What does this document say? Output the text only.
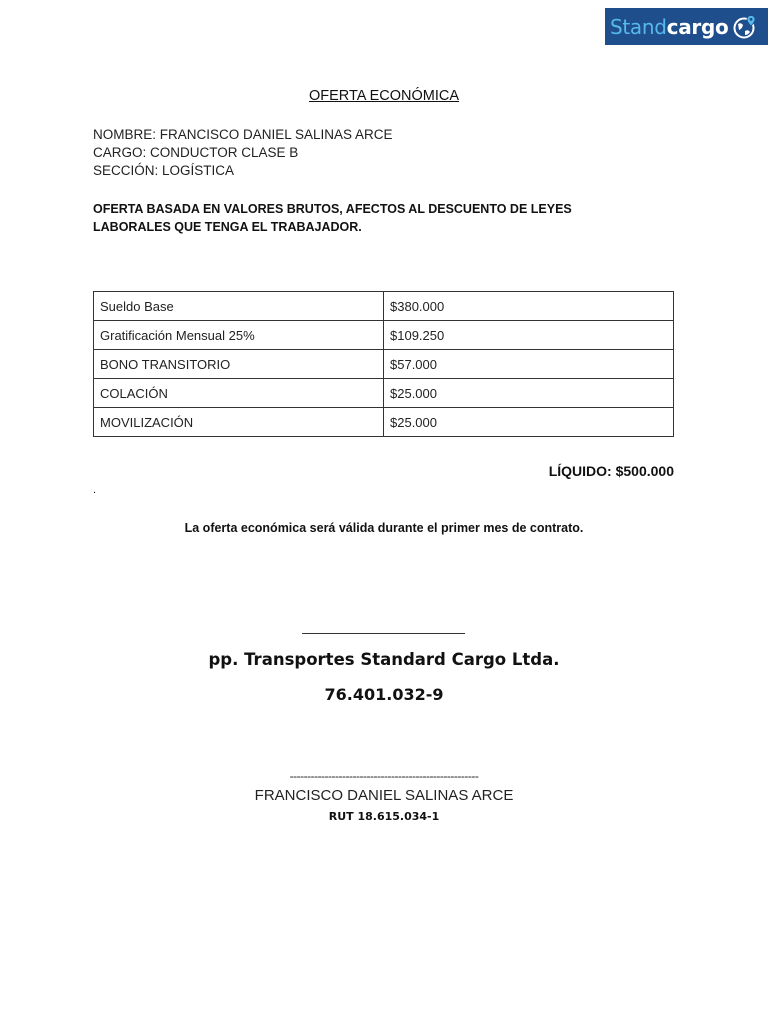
Stand cargo
OFERTA ECONÓMICA
NOMBRE: FRANCISCO DANIEL SALINAS ARCE
CARGO: CONDUCTOR CLASE B
SECCIÓN: LOGÍSTICA
OFERTA BASADA EN VALORES BRUTOS, AFECTOS AL DESCUENTO DE LEYES
LABORALES QUE TENGA EL TRABAJADOR.
Sueldo Base	$380.000
Gratificación Mensual 25%	$109.250
BONO TRANSITORIO	$57.000
COLACIÓN	$25.000
MOVILIZACIÓN	$25.000
LÍQUIDO: $500.000
.
La oferta económica será válida durante el primer mes de contrato.
pp. Transportes Standard Cargo Ltda.
76.401.032-9
------------------------------------------------------
FRANCISCO DANIEL SALINAS ARCE
RUT 18.615.034-1
